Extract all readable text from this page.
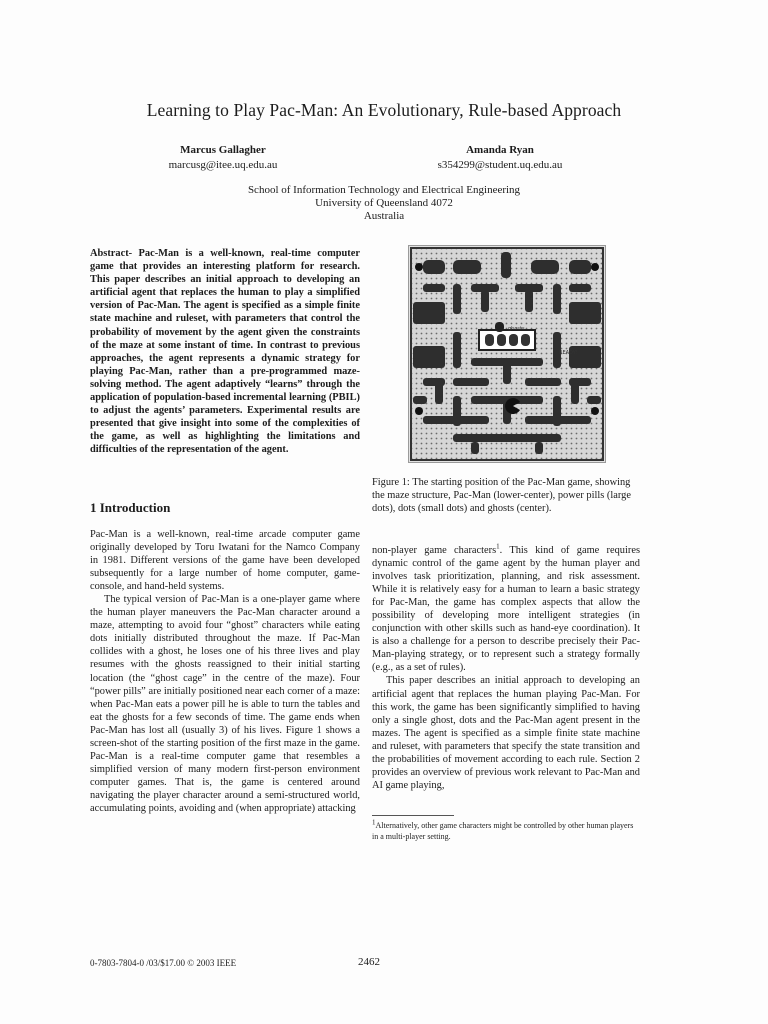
Learning to Play Pac-Man: An Evolutionary, Rule-based Approach
Marcus Gallagher
marcusg@itee.uq.edu.au
Amanda Ryan
s354299@student.uq.edu.au
School of Information Technology and Electrical Engineering
University of Queensland 4072
Australia
Abstract- Pac-Man is a well-known, real-time computer game that provides an interesting platform for research. This paper describes an initial approach to developing an artificial agent that replaces the human to play a simplified version of Pac-Man. The agent is specified as a simple finite state machine and ruleset, with parameters that control the probability of movement by the agent given the constraints of the maze at some instant of time. In contrast to previous approaches, the agent represents a dynamic strategy for playing Pac-Man, rather than a pre-programmed maze-solving method. The agent adaptively “learns” through the application of population-based incremental learning (PBIL) to adjust the agents’ parameters. Experimental results are presented that give insight into some of the complexities of the game, as well as highlighting the limitations and difficulties of the representation of the agent.
ghosts
READY!
Figure 1: The starting position of the Pac-Man game, showing the maze structure, Pac-Man (lower-center), power pills (large dots), dots (small dots) and ghosts (center).
1 Introduction

Pac-Man is a well-known, real-time arcade computer game originally developed by Toru Iwatani for the Namco Company in 1981. Different versions of the game have been developed subsequently for a large number of home computer, game-console, and hand-held systems.

The typical version of Pac-Man is a one-player game where the human player maneuvers the Pac-Man character around a maze, attempting to avoid four “ghost” characters while eating dots initially distributed throughout the maze. If Pac-Man collides with a ghost, he loses one of his three lives and play resumes with the ghosts reassigned to their initial starting location (the “ghost cage” in the centre of the maze). Four “power pills” are initially positioned near each corner of a maze: when Pac-Man eats a power pill he is able to turn the tables and eat the ghosts for a few seconds of time. The game ends when Pac-Man has lost all (usually 3) of his lives. Figure 1 shows a screen-shot of the starting position of the first maze in the game. Pac-Man is a real-time computer game that resembles a simplified version of many modern first-person environment computer games. That is, the game is centered around navigating the player character around a semi-structured world, accumulating points, avoiding and (when appropriate) attacking

non-player game characters$^1$. This kind of game requires dynamic control of the game agent by the human player and involves task prioritization, planning, and risk assessment. While it is relatively easy for a human to learn a basic strategy for Pac-Man, the game has complex aspects that allow the possibility of developing more intelligent strategies (in conjunction with other skills such as hand-eye coordination). It is also a challenge for a person to describe precisely their Pac-Man-playing strategy, or to represent such a strategy formally (e.g., as a set of rules).

This paper describes an initial approach to developing an artificial agent that replaces the human playing Pac-Man. For this work, the game has been significantly simplified to having only a single ghost, dots and the Pac-Man agent present in the mazes. The agent is specified as a simple finite state machine and ruleset, with parameters that specify the state transition and the probabilities of movement according to each rule. Section 2 provides an overview of previous work relevant to Pac-Man and AI game playing,

$^1$Alternatively, other game characters might be controlled by other human players in a multi-player setting.
0-7803-7804-0 /03/$17.00 © 2003 IEEE	2462
